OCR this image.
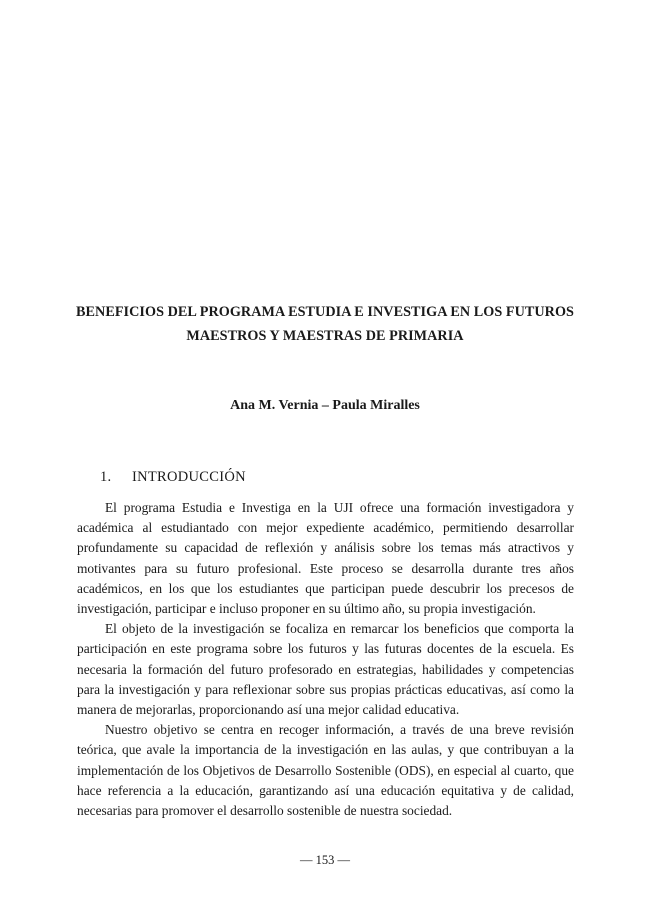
BENEFICIOS DEL PROGRAMA ESTUDIA E INVESTIGA EN LOS FUTUROS
MAESTROS Y MAESTRAS DE PRIMARIA
Ana M. Vernia – Paula Miralles
1. INTRODUCCIÓN

El programa Estudia e Investiga en la UJI ofrece una formación investigadora y académica al estudiantado con mejor expediente académico, permitiendo desarrollar profundamente su capacidad de reflexión y análisis sobre los temas más atractivos y motivantes para su futuro profesional. Este proceso se desarrolla durante tres años académicos, en los que los estudiantes que participan puede descubrir los precesos de investigación, participar e incluso proponer en su último año, su propia investigación.

El objeto de la investigación se focaliza en remarcar los beneficios que comporta la participación en este programa sobre los futuros y las futuras docentes de la escuela. Es necesaria la formación del futuro profesorado en estrategias, habilidades y competencias para la investigación y para reflexionar sobre sus propias prácticas educativas, así como la manera de mejorarlas, proporcionando así una mejor calidad educativa.

Nuestro objetivo se centra en recoger información, a través de una breve revisión teórica, que avale la importancia de la investigación en las aulas, y que contribuyan a la implementación de los Objetivos de Desarrollo Sostenible (ODS), en especial al cuarto, que hace referencia a la educación, garantizando así una educación equitativa y de calidad, necesarias para promover el desarrollo sostenible de nuestra sociedad.

— 153 —
